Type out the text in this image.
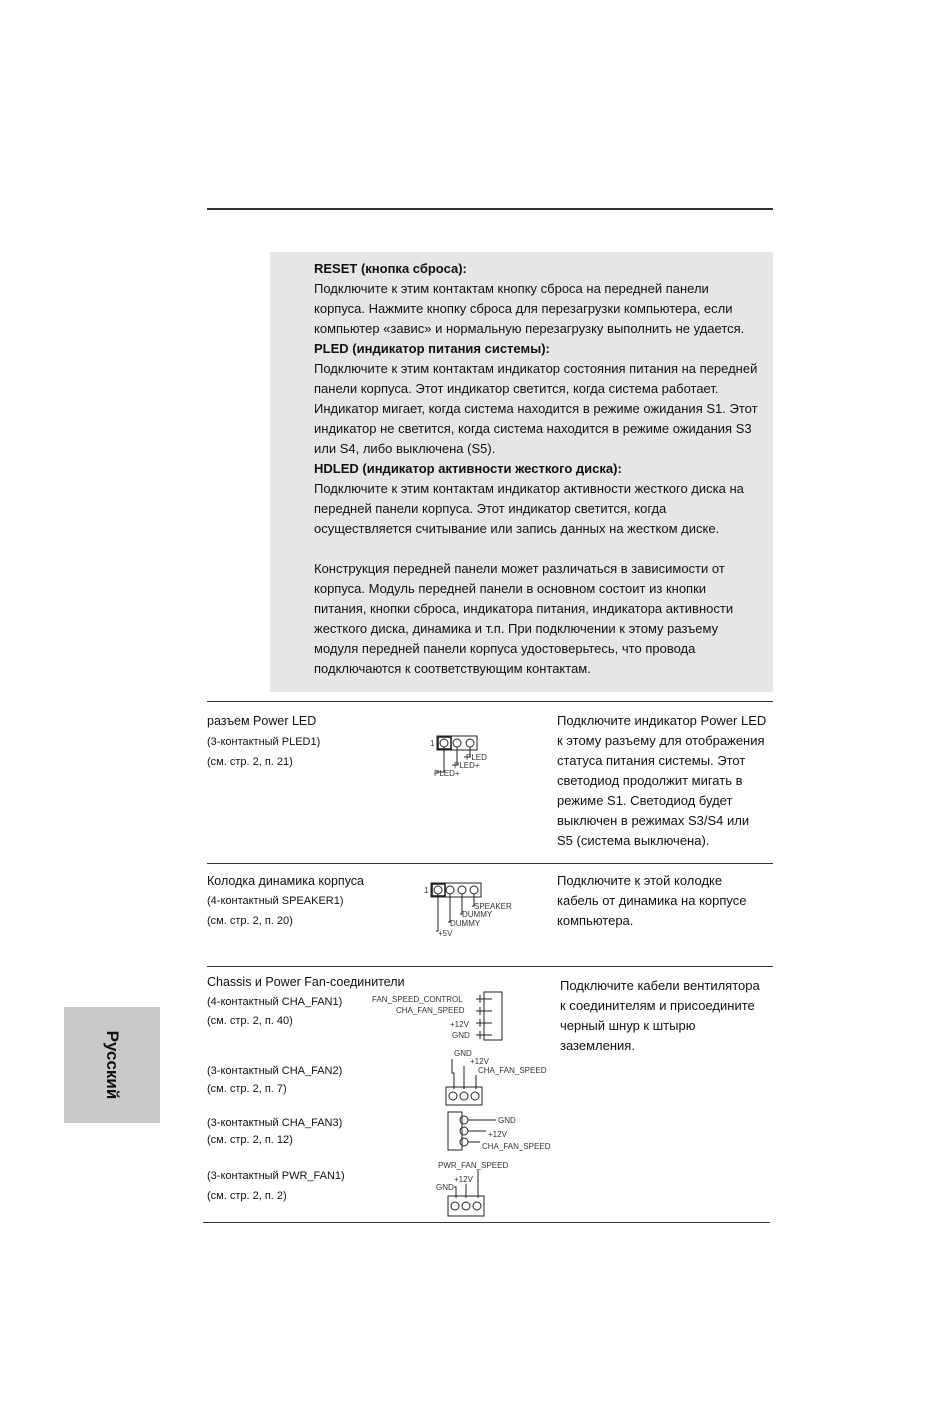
RESET (кнопка сброса):

Подключите к этим контактам кнопку сброса на передней панели

корпуса. Нажмите кнопку сброса для перезагрузки компьютера, если

компьютер «завис» и нормальную перезагрузку выполнить не удается.

PLED (индикатор питания системы):

Подключите к этим контактам индикатор состояния питания на передней

панели корпуса. Этот индикатор светится, когда система работает.

Индикатор мигает, когда система находится в режиме ожидания S1. Этот

индикатор не светится, когда система находится в режиме ожидания S3

или S4, либо выключена (S5).

HDLED (индикатор активности жесткого диска):

Подключите к этим контактам индикатор активности жесткого диска на

передней панели корпуса. Этот индикатор светится, когда

осуществляется считывание или запись данных на жестком диске.

Конструкция передней панели может различаться в зависимости от

корпуса. Модуль передней панели в основном состоит из кнопки

питания, кнопки сброса, индикатора питания, индикатора активности

жесткого диска, динамика и т.п. При подключении к этому разъему

модуля передней панели корпуса удостоверьтесь, что провода

подключаются к соответствующим контактам.

разъем Power LED
(3-контактный PLED1)
(см. стр. 2, п. 21)
1
PLED
PLED+
PLED+

Подключите индикатор Power LED

к этому разъему для отображения

статуса питания системы. Этот

светодиод продолжит мигать в

режиме S1. Светодиод будет

выключен в режимах S3/S4 или

S5 (система выключена).

Колодка динамика корпуса
(4-контактный SPEAKER1)
(см. стр. 2, п. 20)
1
SPEAKER
DUMMY
DUMMY
+5V

Подключите к этой колодке

кабель от динамика на корпусе

компьютера.

Chassis и Power Fan-соединители
(4-контактный CHA_FAN1)
(см. стр. 2, п. 40)
(3-контактный CHA_FAN2)
(см. стр. 2, п. 7)
(3-контактный CHA_FAN3)
(см. стр. 2, п. 12)
(3-контактный PWR_FAN1)
(см. стр. 2, п. 2)
FAN_SPEED_CONTROL
CHA_FAN_SPEED
+12V
GND
GND
+12V
CHA_FAN_SPEED
GND
+12V
CHA_FAN_SPEED
PWR_FAN_SPEED
+12V
GND

Подключите кабели вентилятора

к соединителям и присоедините

черный шнур к штырю

заземления.

Русский
